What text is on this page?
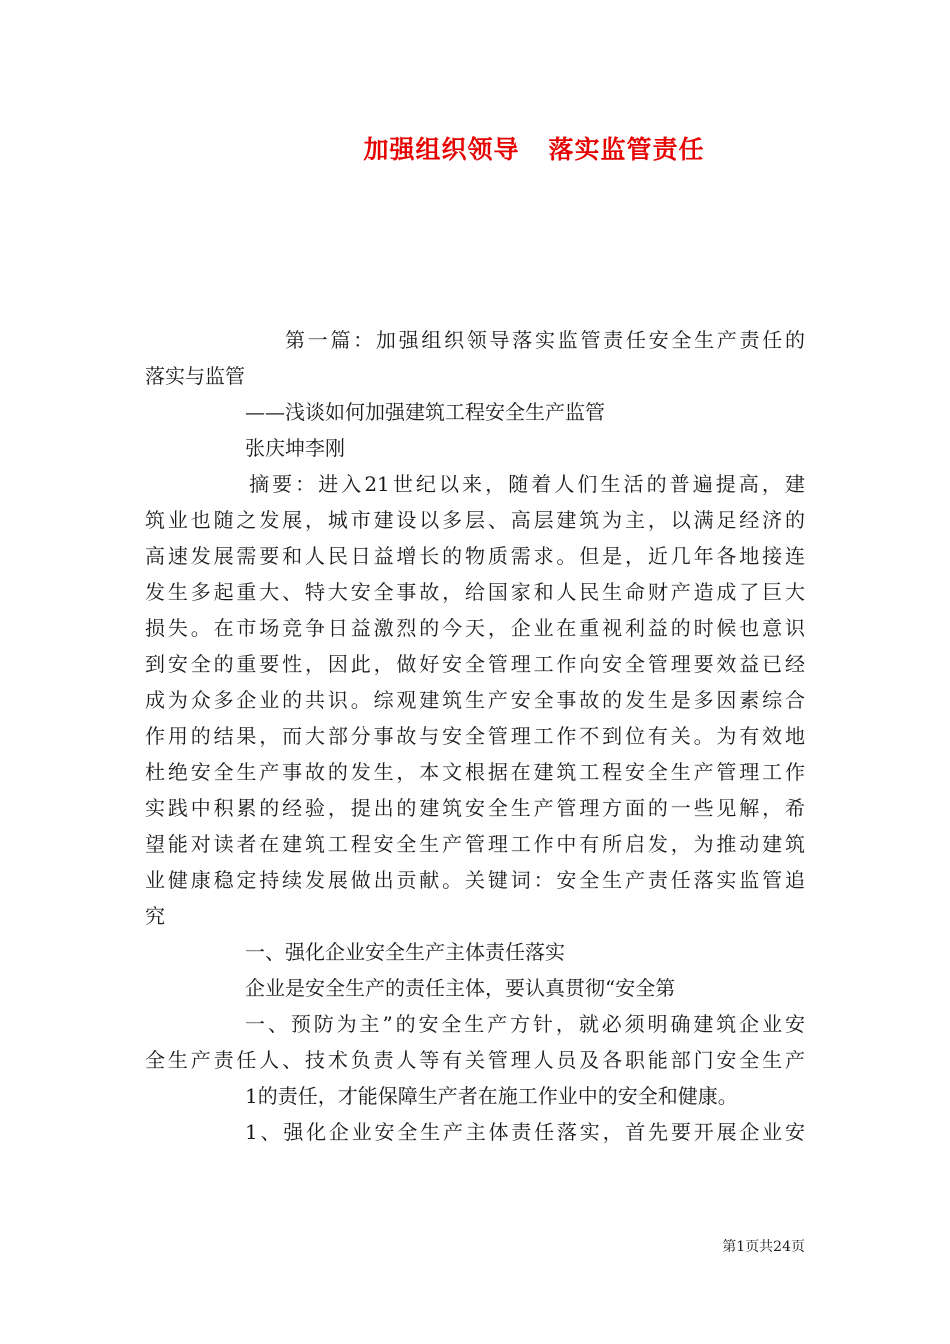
加强组织领导   落实监管责任
第一篇：加强组织领导落实监管责任安全生产责任的
落实与监管
——浅谈如何加强建筑工程安全生产监管
张庆坤李刚
摘要：进入21世纪以来，随着人们生活的普遍提高，建
筑业也随之发展，城市建设以多层、高层建筑为主，以满足经济的
高速发展需要和人民日益增长的物质需求。但是，近几年各地接连
发生多起重大、特大安全事故，给国家和人民生命财产造成了巨大
损失。在市场竞争日益激烈的今天，企业在重视利益的时候也意识
到安全的重要性，因此，做好安全管理工作向安全管理要效益已经
成为众多企业的共识。综观建筑生产安全事故的发生是多因素综合
作用的结果，而大部分事故与安全管理工作不到位有关。为有效地
杜绝安全生产事故的发生，本文根据在建筑工程安全生产管理工作
实践中积累的经验，提出的建筑安全生产管理方面的一些见解，希
望能对读者在建筑工程安全生产管理工作中有所启发，为推动建筑
业健康稳定持续发展做出贡献。关键词：安全生产责任落实监管追
究
一、强化企业安全生产主体责任落实
企业是安全生产的责任主体，要认真贯彻“安全第
一、预防为主”的安全生产方针，就必须明确建筑企业安
全生产责任人、技术负责人等有关管理人员及各职能部门安全生产
1的责任，才能保障生产者在施工作业中的安全和健康。
1、强化企业安全生产主体责任落实，首先要开展企业安
第1页共24页
